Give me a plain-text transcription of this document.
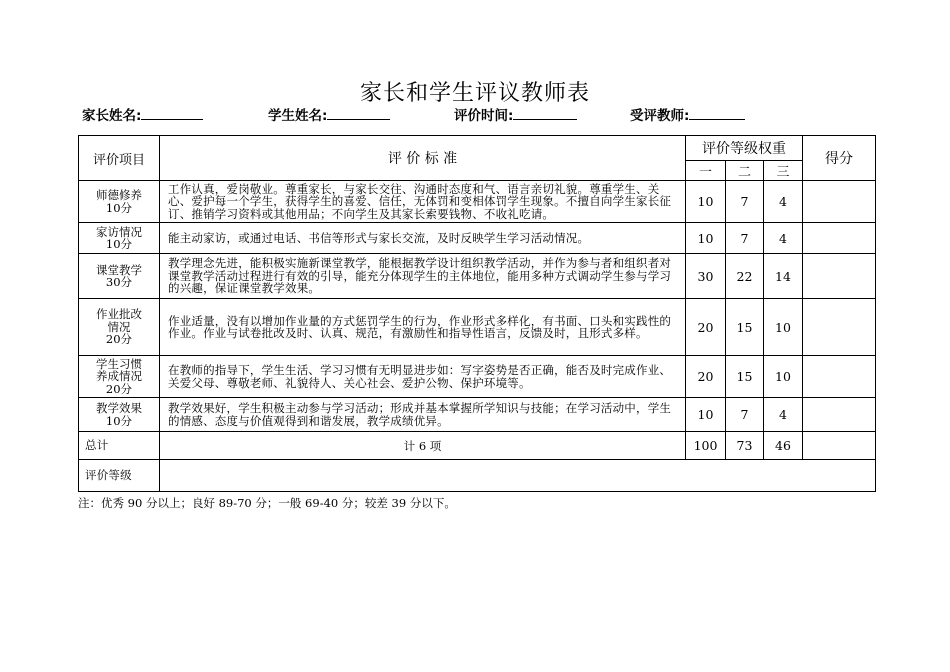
家长和学生评议教师表
家长姓名:	学生姓名:	评价时间:	受评教师:
评价项目	评 价 标 准	评价等级权重			得分
		一	二	三	

师德修养
10分	工作认真，爱岗敬业。尊重家长，与家长交往、沟通时态度和气、语言亲切礼貌。尊重学生、关心、爱护每一个学生，获得学生的喜爱、信任，无体罚和变相体罚学生现象。不擅自向学生家长征订、推销学习资料或其他用品；不向学生及其家长索要钱物、不收礼吃请。	10	7	4	

家访情况
10分	能主动家访，或通过电话、书信等形式与家长交流，及时反映学生学习活动情况。	10	7	4	

课堂教学
30分	教学理念先进，能积极实施新课堂教学，能根据教学设计组织教学活动，并作为参与者和组织者对课堂教学活动过程进行有效的引导，能充分体现学生的主体地位，能用多种方式调动学生参与学习的兴趣，保证课堂教学效果。	30	22	14	

作业批改
情况
20分	作业适量，没有以增加作业量的方式惩罚学生的行为，作业形式多样化，有书面、口头和实践性的作业。作业与试卷批改及时、认真、规范，有激励性和指导性语言，反馈及时，且形式多样。	20	15	10	

学生习惯
养成情况
20分	在教师的指导下，学生生活、学习习惯有无明显进步如：写字姿势是否正确，能否及时完成作业、关爱父母、尊敬老师、礼貌待人、关心社会、爱护公物、保护环境等。	20	15	10	

教学效果
10分	教学效果好，学生积极主动参与学习活动；形成并基本掌握所学知识与技能；在学习活动中，学生的情感、态度与价值观得到和谐发展，教学成绩优异。	10	7	4	
总计	计 6 项	100	73	46	
评价等级					
注：优秀 90 分以上；良好 89-70 分；一般 69-40 分；较差 39 分以下。
